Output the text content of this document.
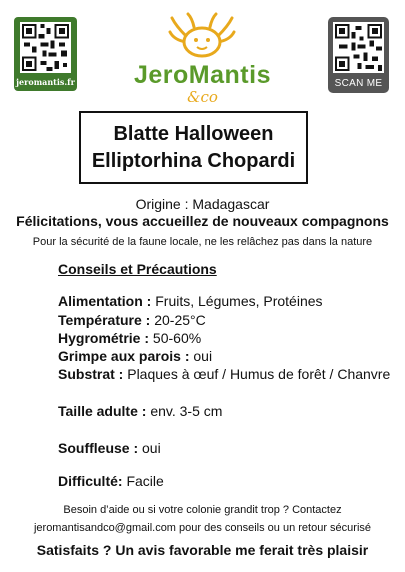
jeromantis.fr	JeroMantis
&co
SCAN ME
Blatte Halloween
Elliptorhina Chopardi
Origine : Madagascar
Félicitations, vous accueillez de nouveaux compagnons
Pour la sécurité de la faune locale, ne les relâchez pas dans la nature
Conseils et Précautions
Alimentation : Fruits, Légumes, Protéines
Température : 20-25°C
Hygrométrie : 50-60%
Grimpe aux parois : oui
Substrat : Plaques à œuf / Humus de forêt / Chanvre
Taille adulte : env. 3-5 cm
Souffleuse : oui
Difficulté: Facile
Besoin d’aide ou si votre colonie grandit trop ? Contactez
jeromantisandco@gmail.com pour des conseils ou un retour sécurisé
Satisfaits ? Un avis favorable me ferait très plaisir
